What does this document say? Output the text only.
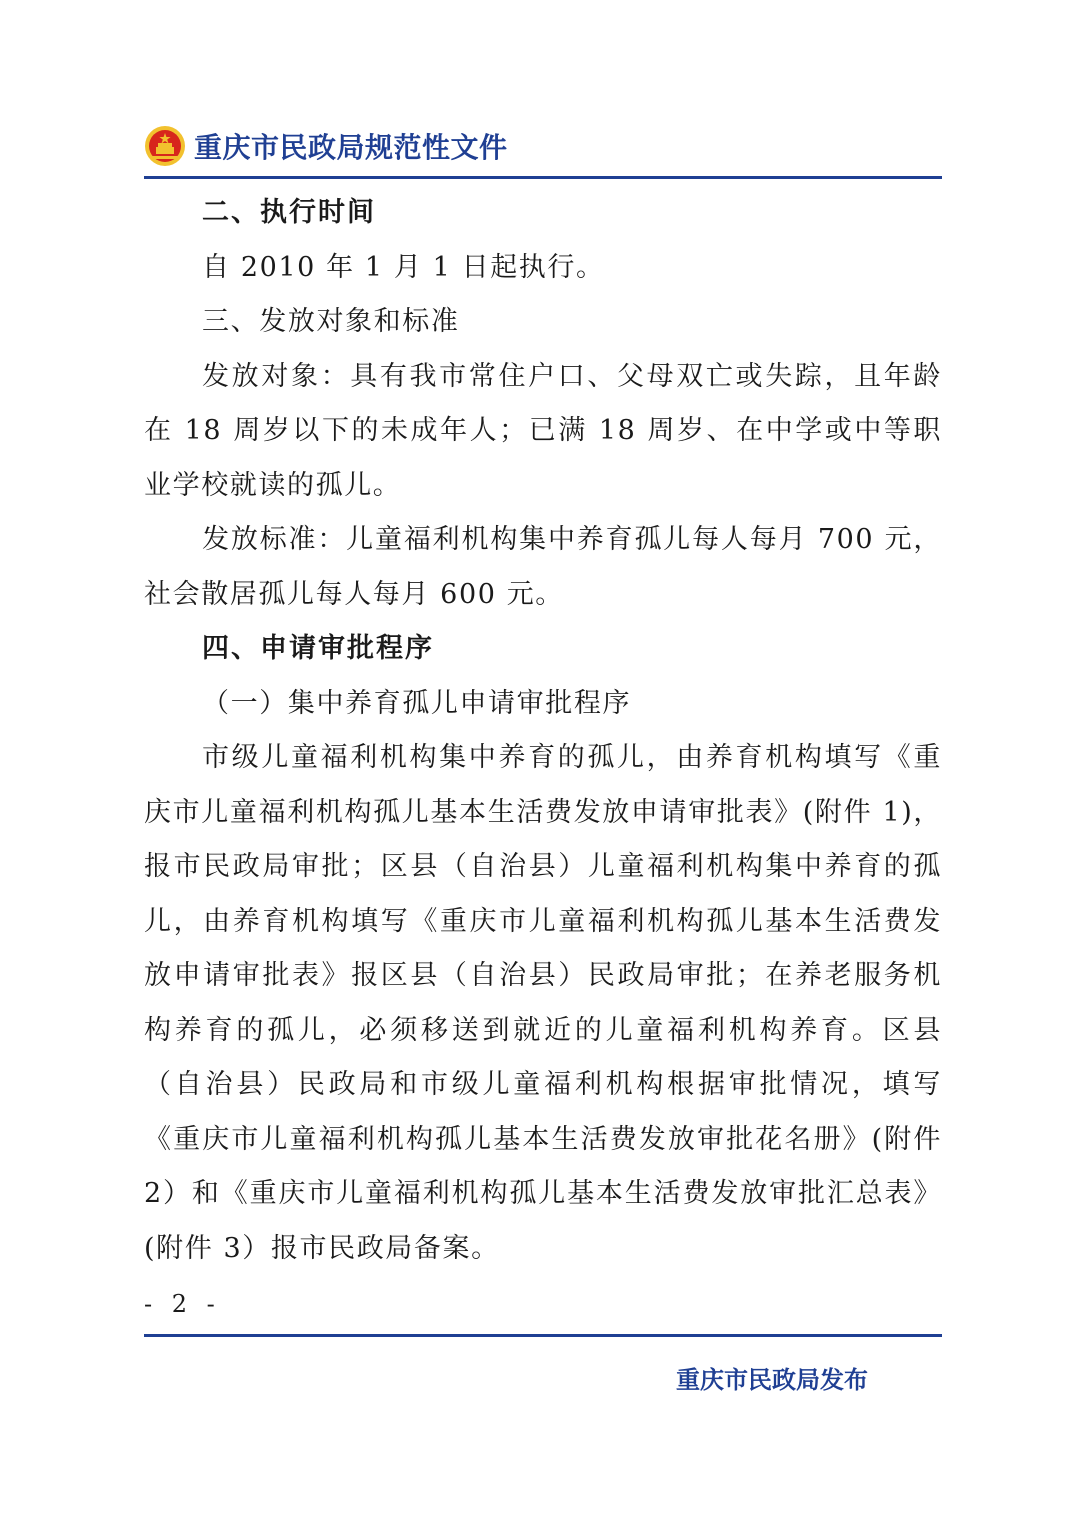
重庆市民政局规范性文件

二、执行时间

自 2010 年 1 月 1 日起执行。

三、发放对象和标准

发放对象：具有我市常住户口、父母双亡或失踪，且年龄在 18 周岁以下的未成年人；已满 18 周岁、在中学或中等职业学校就读的孤儿。

发放标准：儿童福利机构集中养育孤儿每人每月 700 元，社会散居孤儿每人每月 600 元。

四、申请审批程序

（一）集中养育孤儿申请审批程序

市级儿童福利机构集中养育的孤儿，由养育机构填写《重庆市儿童福利机构孤儿基本生活费发放申请审批表》(附件 1)，报市民政局审批；区县（自治县）儿童福利机构集中养育的孤儿，由养育机构填写《重庆市儿童福利机构孤儿基本生活费发放申请审批表》报区县（自治县）民政局审批；在养老服务机构养育的孤儿，必须移送到就近的儿童福利机构养育。区县（自治县）民政局和市级儿童福利机构根据审批情况，填写《重庆市儿童福利机构孤儿基本生活费发放审批花名册》(附件 2）和《重庆市儿童福利机构孤儿基本生活费发放审批汇总表》(附件 3）报市民政局备案。

- 2 -
重庆市民政局发布
